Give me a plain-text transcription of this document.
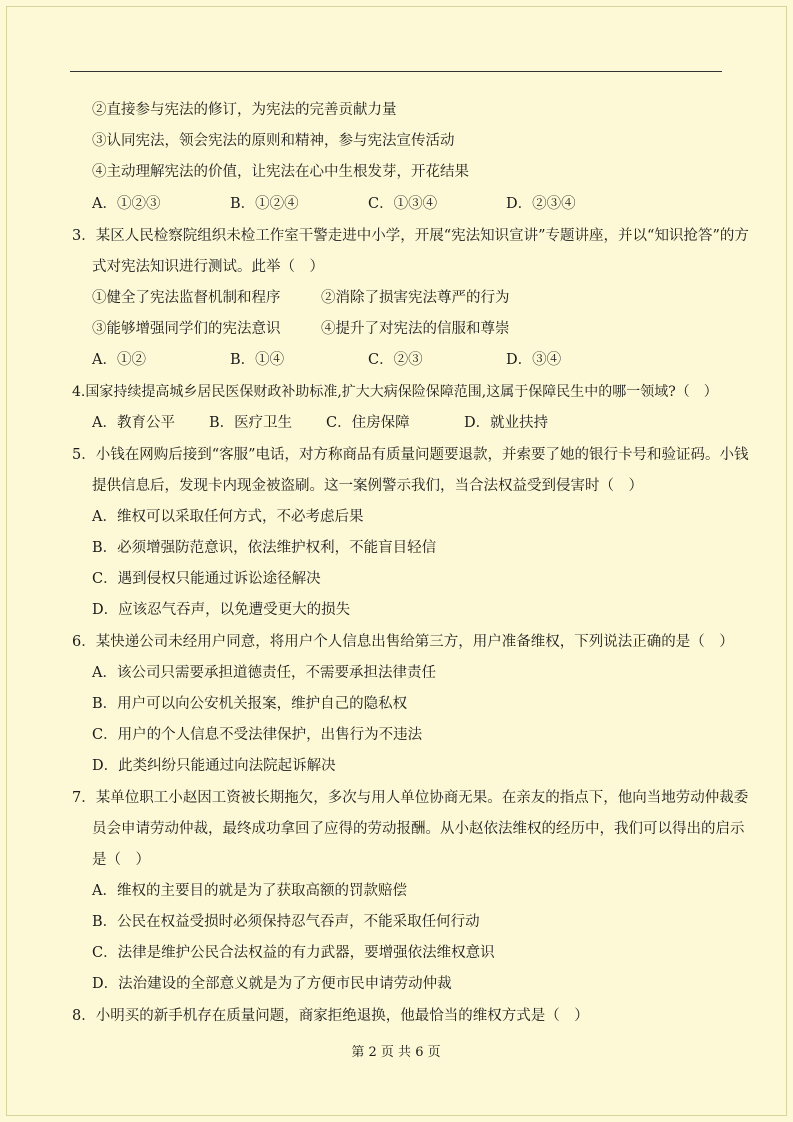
②直接参与宪法的修订，为宪法的完善贡献力量
③认同宪法，领会宪法的原则和精神，参与宪法宣传活动
④主动理解宪法的价值，让宪法在心中生根发芽，开花结果
A．①②③	B．①②④	C．①③④	D．②③④
3．某区人民检察院组织未检工作室干警走进中小学，开展“宪法知识宣讲”专题讲座，并以“知识抢答”的方
式对宪法知识进行测试。此举（　）
①健全了宪法监督机制和程序	②消除了损害宪法尊严的行为
③能够增强同学们的宪法意识	④提升了对宪法的信服和尊崇
A．①②	B．①④	C．②③	D．③④
4.国家持续提高城乡居民医保财政补助标准,扩大大病保险保障范围,这属于保障民生中的哪一领域?（　）
A．教育公平	B．医疗卫生	C．住房保障	D．就业扶持
5．小钱在网购后接到“客服”电话，对方称商品有质量问题要退款，并索要了她的银行卡号和验证码。小钱
提供信息后，发现卡内现金被盗刷。这一案例警示我们，当合法权益受到侵害时（　）
A．维权可以采取任何方式，不必考虑后果
B．必须增强防范意识，依法维护权利，不能盲目轻信
C．遇到侵权只能通过诉讼途径解决
D．应该忍气吞声，以免遭受更大的损失
6．某快递公司未经用户同意，将用户个人信息出售给第三方，用户准备维权，下列说法正确的是（　）
A．该公司只需要承担道德责任，不需要承担法律责任
B．用户可以向公安机关报案，维护自己的隐私权
C．用户的个人信息不受法律保护，出售行为不违法
D．此类纠纷只能通过向法院起诉解决
7．某单位职工小赵因工资被长期拖欠，多次与用人单位协商无果。在亲友的指点下，他向当地劳动仲裁委
员会申请劳动仲裁，最终成功拿回了应得的劳动报酬。从小赵依法维权的经历中，我们可以得出的启示
是（　）
A．维权的主要目的就是为了获取高额的罚款赔偿
B．公民在权益受损时必须保持忍气吞声，不能采取任何行动
C．法律是维护公民合法权益的有力武器，要增强依法维权意识
D．法治建设的全部意义就是为了方便市民申请劳动仲裁
8．小明买的新手机存在质量问题，商家拒绝退换，他最恰当的维权方式是（　）
第 2 页 共 6 页
